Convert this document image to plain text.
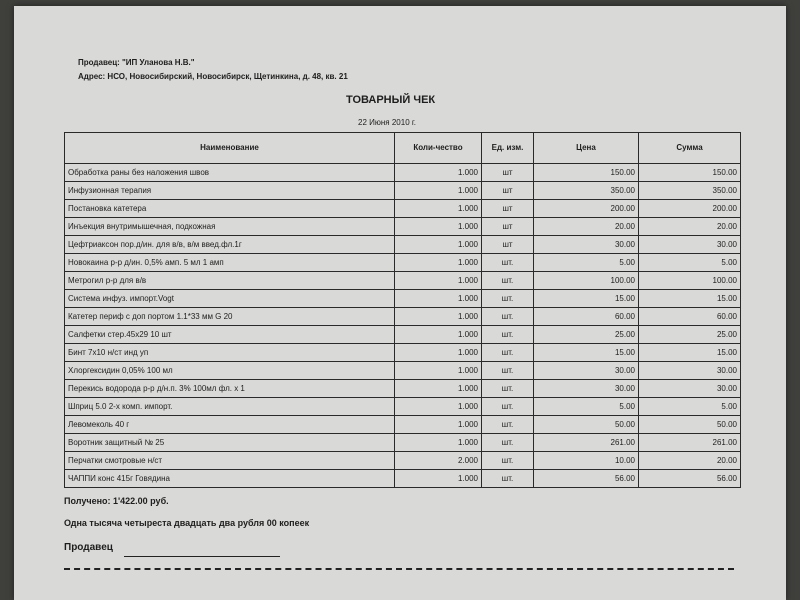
Продавец: "ИП Уланова Н.В."
Адрес: НСО, Новосибирский, Новосибирск, Щетинкина, д. 48, кв. 21
ТОВАРНЫЙ ЧЕК
22 Июня 2010 г.
Наименование	Коли-чество	Ед. изм.	Цена	Сумма
Обработка раны без наложения швов	1.000	шт	150.00	150.00
Инфузионная терапия	1.000	шт	350.00	350.00
Постановка катетера	1.000	шт	200.00	200.00
Инъекция внутримышечная, подкожная	1.000	шт	20.00	20.00
Цефтриаксон пор.д/ин. для в/в, в/м введ.фл.1г	1.000	шт	30.00	30.00
Новокаина р-р д/ин. 0,5% амп. 5 мл 1 амп	1.000	шт.	5.00	5.00
Метрогил р-р для в/в	1.000	шт.	100.00	100.00
Система инфуз. импорт.Vogt	1.000	шт.	15.00	15.00
Катетер периф с доп портом 1.1*33 мм G 20	1.000	шт.	60.00	60.00
Салфетки стер.45х29 10 шт	1.000	шт.	25.00	25.00
Бинт 7х10 н/ст инд уп	1.000	шт.	15.00	15.00
Хлоргексидин 0,05% 100 мл	1.000	шт.	30.00	30.00
Перекись водорода р-р д/н.п. 3% 100мл фл. х 1	1.000	шт.	30.00	30.00
Шприц 5.0 2-х комп. импорт.	1.000	шт.	5.00	5.00
Левомеколь 40 г	1.000	шт.	50.00	50.00
Воротник защитный № 25	1.000	шт.	261.00	261.00
Перчатки смотровые н/ст	2.000	шт.	10.00	20.00
ЧАППИ конс 415г Говядина	1.000	шт.	56.00	56.00
Получено: 1'422.00 руб.
Одна тысяча четыреста двадцать два рубля 00 копеек
Продавец
